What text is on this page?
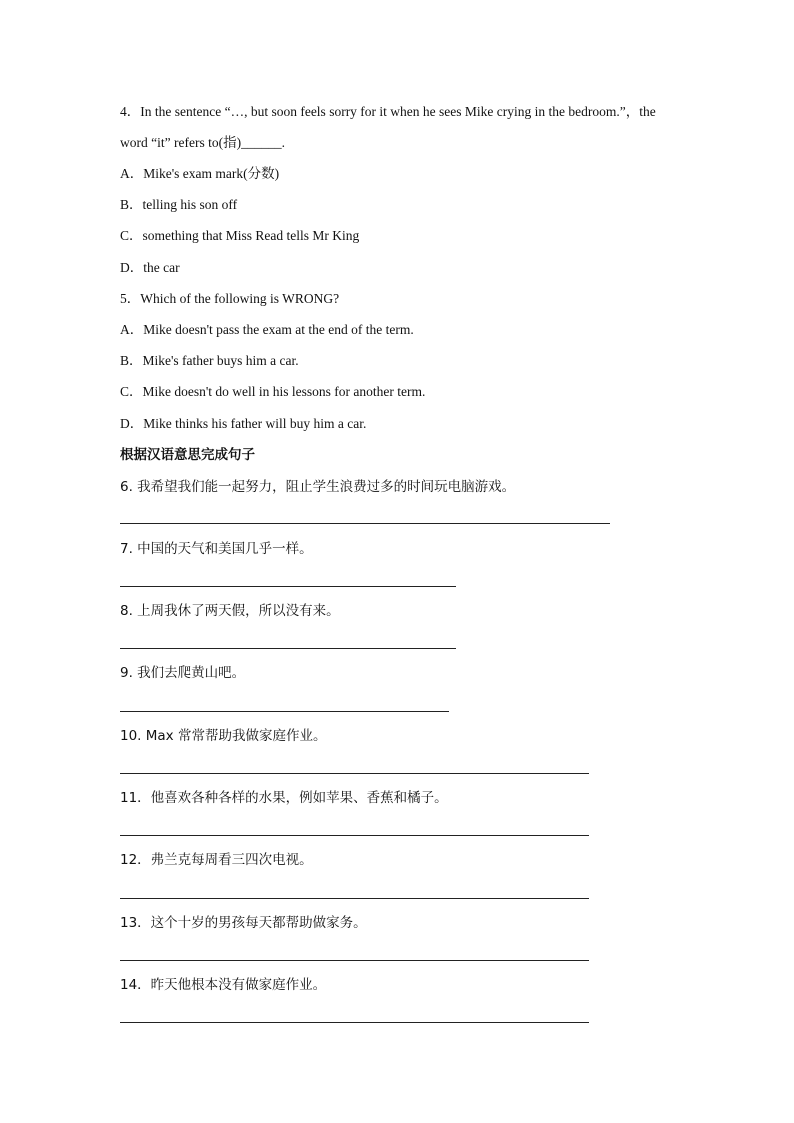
4．In the sentence “…, but soon feels sorry for it when he sees Mike crying in the bedroom.”，the
word “it” refers to(指)______.
A．Mike's exam mark(分数)
B．telling his son off
C．something that Miss Read tells Mr King
D．the car
5．Which of the following is WRONG?
A．Mike doesn't pass the exam at the end of the term.
B．Mike's father buys him a car.
C．Mike doesn't do well in his lessons for another term.
D．Mike thinks his father will buy him a car.
根据汉语意思完成句子
6. 我希望我们能一起努力，阻止学生浪费过多的时间玩电脑游戏。
7. 中国的天气和美国几乎一样。
8. 上周我休了两天假，所以没有来。
9. 我们去爬黄山吧。
10. Max 常常帮助我做家庭作业。
11．他喜欢各种各样的水果，例如苹果、香蕉和橘子。
12．弗兰克每周看三四次电视。
13．这个十岁的男孩每天都帮助做家务。
14．昨天他根本没有做家庭作业。
